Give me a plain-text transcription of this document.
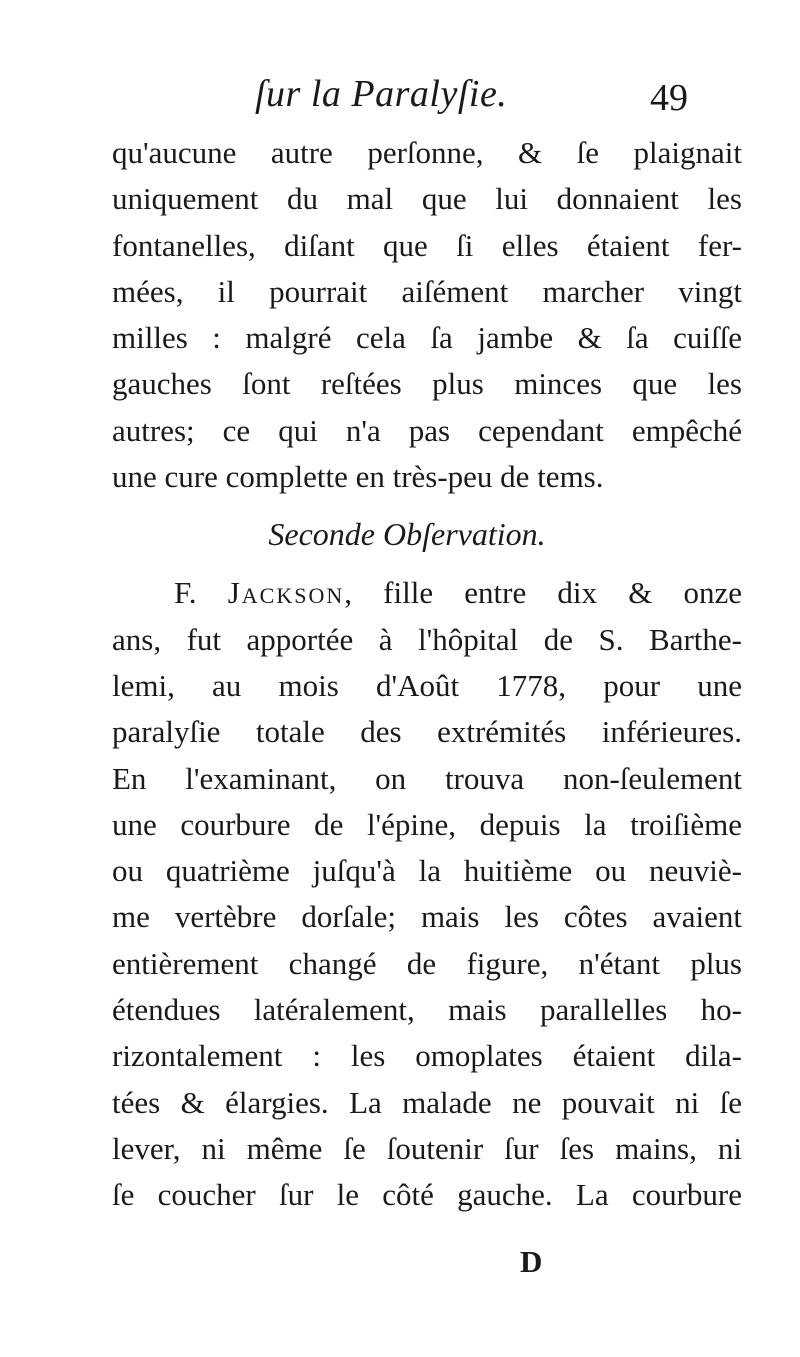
ſur la Paralyſie.	49
qu'aucune autre perſonne, & ſe plaignait
uniquement du mal que lui donnaient les
fontanelles, diſant que ſi elles étaient fer-
mées, il pourrait aiſément marcher vingt
milles : malgré cela ſa jambe & ſa cuiſſe
gauches ſont reſtées plus minces que les
autres; ce qui n'a pas cependant empêché
une cure complette en très-peu de tems.
Seconde Obſervation.
F. Jackson, fille entre dix & onze
ans, fut apportée à l'hôpital de S. Barthe-
lemi, au mois d'Août 1778, pour une
paralyſie totale des extrémités inférieures.
En l'examinant, on trouva non-ſeulement
une courbure de l'épine, depuis la troiſième
ou quatrième juſqu'à la huitième ou neuviè-
me vertèbre dorſale; mais les côtes avaient
entièrement changé de figure, n'étant plus
étendues latéralement, mais parallelles ho-
rizontalement : les omoplates étaient dila-
tées & élargies. La malade ne pouvait ni ſe
lever, ni même ſe ſoutenir ſur ſes mains, ni
ſe coucher ſur le côté gauche. La courbure
D
